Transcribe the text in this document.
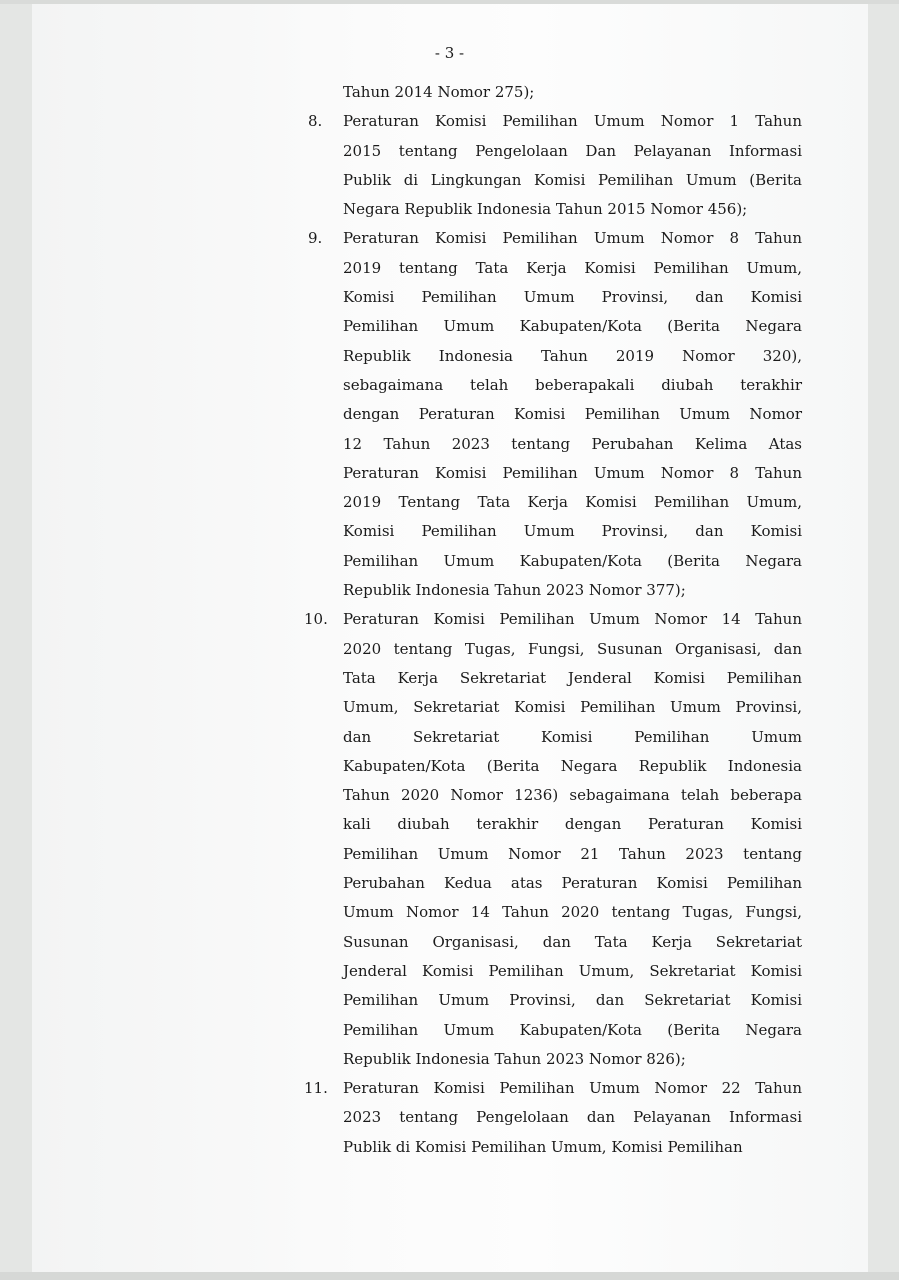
- 3 -
Tahun 2014 Nomor 275);
8. Peraturan Komisi Pemilihan Umum Nomor 1 Tahun
2015 tentang Pengelolaan Dan Pelayanan Informasi
Publik di Lingkungan Komisi Pemilihan Umum (Berita
Negara Republik Indonesia Tahun 2015 Nomor 456);
9. Peraturan Komisi Pemilihan Umum Nomor 8 Tahun
2019 tentang Tata Kerja Komisi Pemilihan Umum,
Komisi Pemilihan Umum Provinsi, dan Komisi
Pemilihan Umum Kabupaten/Kota (Berita Negara
Republik Indonesia Tahun 2019 Nomor 320),
sebagaimana telah beberapakali diubah terakhir
dengan Peraturan Komisi Pemilihan Umum Nomor
12 Tahun 2023 tentang Perubahan Kelima Atas
Peraturan Komisi Pemilihan Umum Nomor 8 Tahun
2019 Tentang Tata Kerja Komisi Pemilihan Umum,
Komisi Pemilihan Umum Provinsi, dan Komisi
Pemilihan Umum Kabupaten/Kota (Berita Negara
Republik Indonesia Tahun 2023 Nomor 377);
10. Peraturan Komisi Pemilihan Umum Nomor 14 Tahun
2020 tentang Tugas, Fungsi, Susunan Organisasi, dan
Tata Kerja Sekretariat Jenderal Komisi Pemilihan
Umum, Sekretariat Komisi Pemilihan Umum Provinsi,
dan Sekretariat Komisi Pemilihan Umum
Kabupaten/Kota (Berita Negara Republik Indonesia
Tahun 2020 Nomor 1236) sebagaimana telah beberapa
kali diubah terakhir dengan Peraturan Komisi
Pemilihan Umum Nomor 21 Tahun 2023 tentang
Perubahan Kedua atas Peraturan Komisi Pemilihan
Umum Nomor 14 Tahun 2020 tentang Tugas, Fungsi,
Susunan Organisasi, dan Tata Kerja Sekretariat
Jenderal Komisi Pemilihan Umum, Sekretariat Komisi
Pemilihan Umum Provinsi, dan Sekretariat Komisi
Pemilihan Umum Kabupaten/Kota (Berita Negara
Republik Indonesia Tahun 2023 Nomor 826);
11. Peraturan Komisi Pemilihan Umum Nomor 22 Tahun
2023 tentang Pengelolaan dan Pelayanan Informasi
Publik di Komisi Pemilihan Umum, Komisi Pemilihan
